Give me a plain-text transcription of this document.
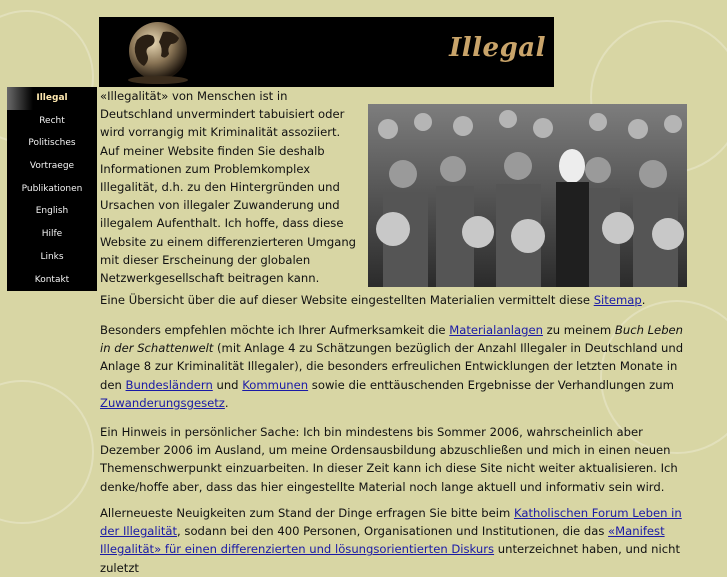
Illegal
Illegal
Recht
Politisches
Vortraege
Publikationen
English
Hilfe
Links
Kontakt
«Illegalität» von Menschen ist in Deutschland unvermindert tabuisiert oder wird vorrangig mit Kriminalität assoziiert. Auf meiner Website finden Sie deshalb Informationen zum Problemkomplex Illegalität, d.h. zu den Hintergründen und Ursachen von illegaler Zuwanderung und illegalem Aufenthalt. Ich hoffe, dass diese Website zu einem differenzierteren Umgang mit dieser Erscheinung der globalen Netzwerkgesellschaft beitragen kann.
Eine Übersicht über die auf dieser Website eingestellten Materialien vermittelt diese Sitemap.
Besonders empfehlen möchte ich Ihrer Aufmerksamkeit die Materialanlagen zu meinem Buch Leben in der Schattenwelt (mit Anlage 4 zu Schätzungen bezüglich der Anzahl Illegaler in Deutschland und Anlage 8 zur Kriminalität Illegaler), die besonders erfreulichen Entwicklungen der letzten Monate in den Bundesländern und Kommunen sowie die enttäuschenden Ergebnisse der Verhandlungen zum Zuwanderungsgesetz.
Ein Hinweis in persönlicher Sache: Ich bin mindestens bis Sommer 2006, wahrscheinlich aber Dezember 2006 im Ausland, um meine Ordensausbildung abzuschließen und mich in einen neuen Themenschwerpunkt einzuarbeiten. In dieser Zeit kann ich diese Site nicht weiter aktualisieren. Ich denke/hoffe aber, dass das hier eingestellte Material noch lange aktuell und informativ sein wird.
Allerneueste Neuigkeiten zum Stand der Dinge erfragen Sie bitte beim Katholischen Forum Leben in der Illegalität, sodann bei den 400 Personen, Organisationen und Institutionen, die das «Manifest Illegalität» für einen differenzierten und lösungsorientierten Diskurs unterzeichnet haben, und nicht zuletzt
